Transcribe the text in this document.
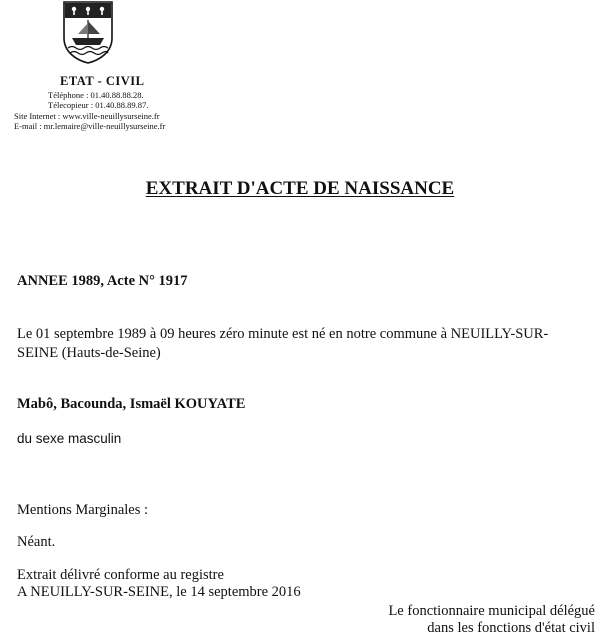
ETAT - CIVIL
Téléphone : 01.40.88.88.28.
Télecopieur : 01.40.88.89.87.
Site Internet : www.ville-neuillysurseine.fr
E-mail : mr.lemaire@ville-neuillysurseine.fr
EXTRAIT D'ACTE DE NAISSANCE
ANNEE 1989, Acte N° 1917
Le 01 septembre 1989 à 09 heures zéro minute est né en notre commune à NEUILLY-SUR-
SEINE (Hauts-de-Seine)
Mabô, Bacounda, Ismaël KOUYATE
du sexe masculin
Mentions Marginales :
Néant.
Extrait délivré conforme au registre
A NEUILLY-SUR-SEINE, le 14 septembre 2016
Le fonctionnaire municipal délégué
dans les fonctions d'état civil
